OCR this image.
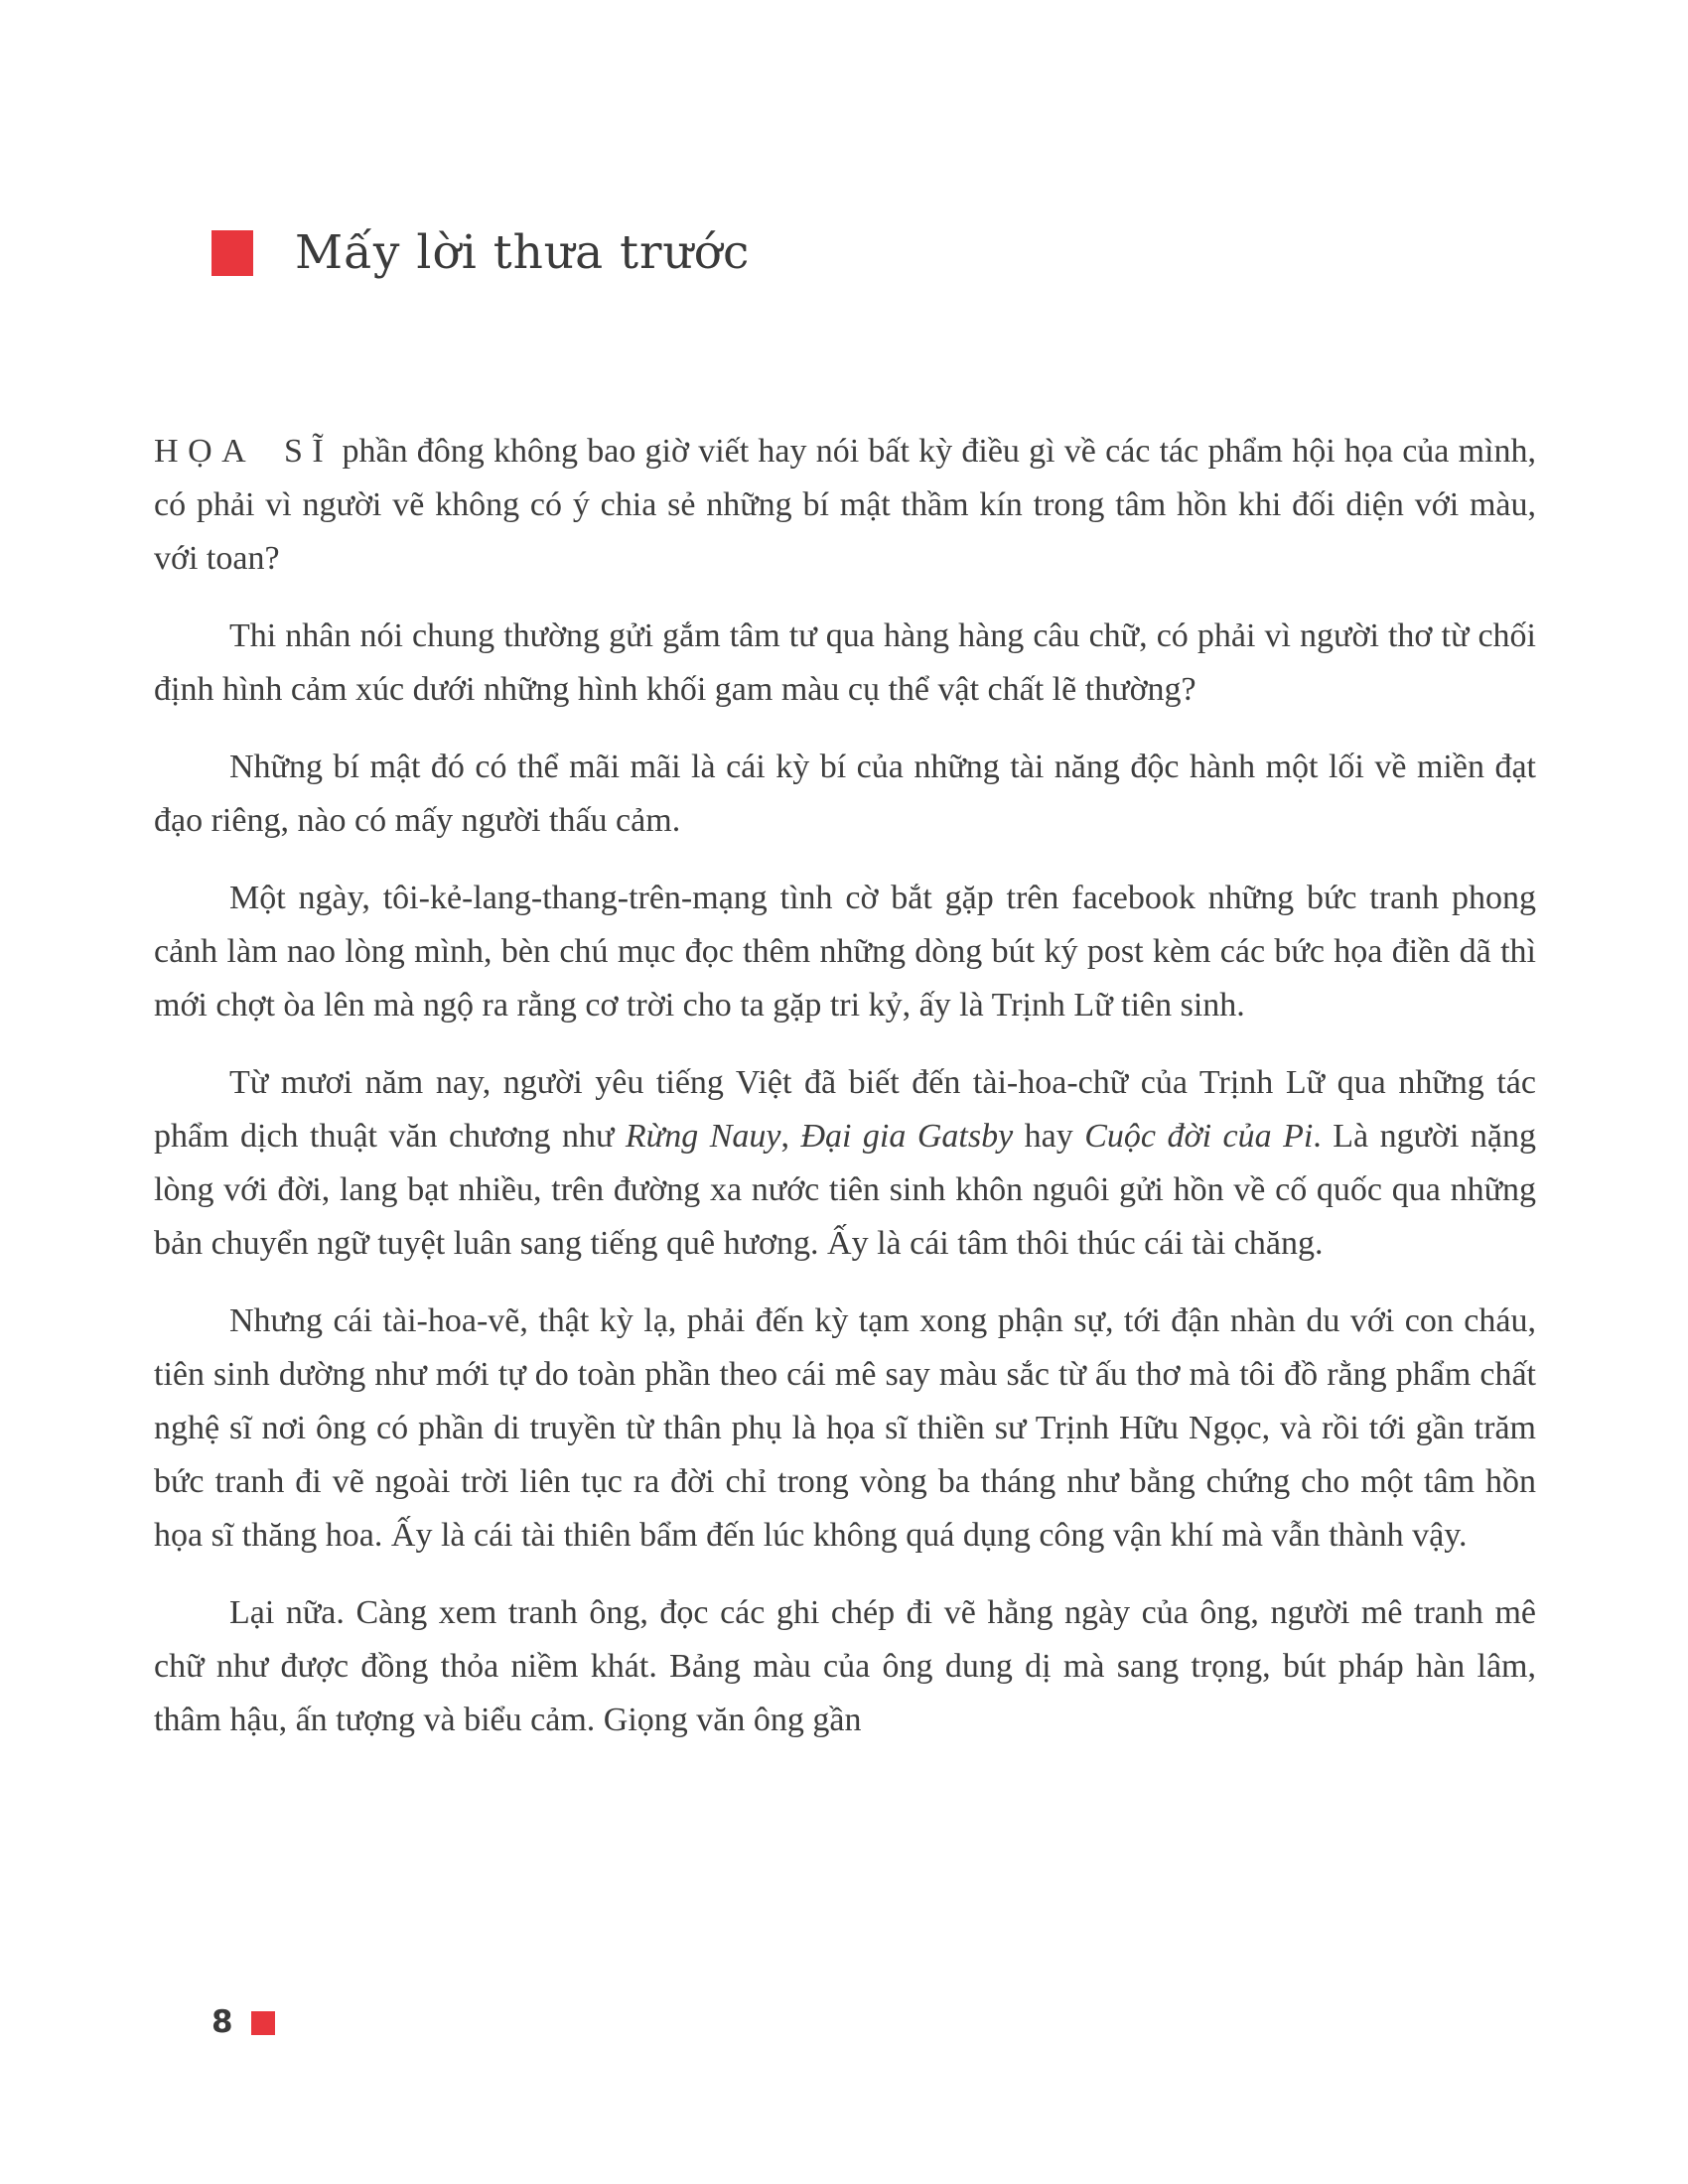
Mấy lời thưa trước

HỌA SĨ phần đông không bao giờ viết hay nói bất kỳ điều gì về các tác phẩm hội họa của mình, có phải vì người vẽ không có ý chia sẻ những bí mật thầm kín trong tâm hồn khi đối diện với màu, với toan?

Thi nhân nói chung thường gửi gắm tâm tư qua hàng hàng câu chữ, có phải vì người thơ từ chối định hình cảm xúc dưới những hình khối gam màu cụ thể vật chất lẽ thường?

Những bí mật đó có thể mãi mãi là cái kỳ bí của những tài năng độc hành một lối về miền đạt đạo riêng, nào có mấy người thấu cảm.

Một ngày, tôi-kẻ-lang-thang-trên-mạng tình cờ bắt gặp trên facebook những bức tranh phong cảnh làm nao lòng mình, bèn chú mục đọc thêm những dòng bút ký post kèm các bức họa điền dã thì mới chợt òa lên mà ngộ ra rằng cơ trời cho ta gặp tri kỷ, ấy là Trịnh Lữ tiên sinh.

Từ mươi năm nay, người yêu tiếng Việt đã biết đến tài-hoa-chữ của Trịnh Lữ qua những tác phẩm dịch thuật văn chương như Rừng Nauy, Đại gia Gatsby hay Cuộc đời của Pi. Là người nặng lòng với đời, lang bạt nhiều, trên đường xa nước tiên sinh khôn nguôi gửi hồn về cố quốc qua những bản chuyển ngữ tuyệt luân sang tiếng quê hương. Ấy là cái tâm thôi thúc cái tài chăng.

Nhưng cái tài-hoa-vẽ, thật kỳ lạ, phải đến kỳ tạm xong phận sự, tới đận nhàn du với con cháu, tiên sinh dường như mới tự do toàn phần theo cái mê say màu sắc từ ấu thơ mà tôi đồ rằng phẩm chất nghệ sĩ nơi ông có phần di truyền từ thân phụ là họa sĩ thiền sư Trịnh Hữu Ngọc, và rồi tới gần trăm bức tranh đi vẽ ngoài trời liên tục ra đời chỉ trong vòng ba tháng như bằng chứng cho một tâm hồn họa sĩ thăng hoa. Ấy là cái tài thiên bẩm đến lúc không quá dụng công vận khí mà vẫn thành vậy.

Lại nữa. Càng xem tranh ông, đọc các ghi chép đi vẽ hằng ngày của ông, người mê tranh mê chữ như được đồng thỏa niềm khát. Bảng màu của ông dung dị mà sang trọng, bút pháp hàn lâm, thâm hậu, ấn tượng và biểu cảm. Giọng văn ông gần

8
